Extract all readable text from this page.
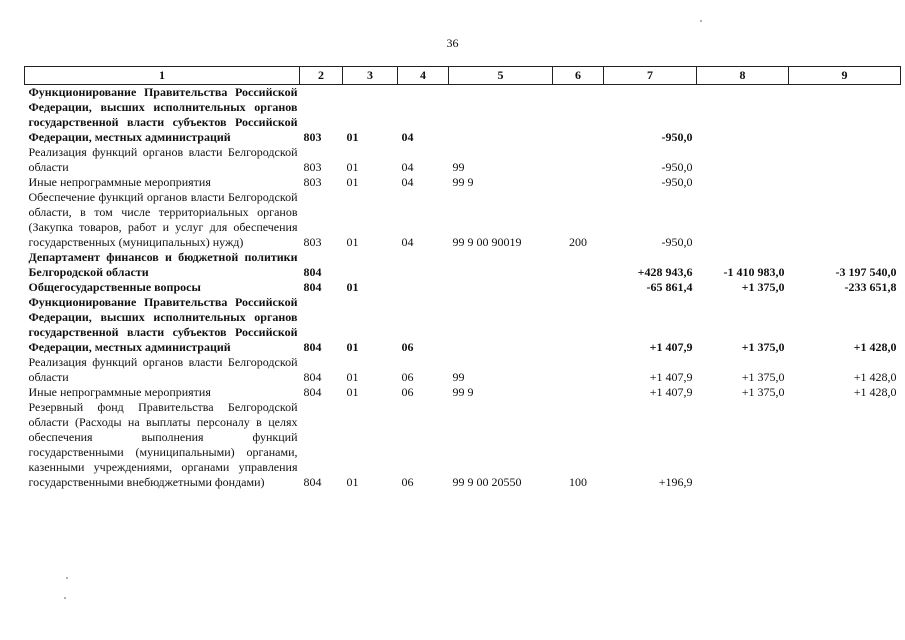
36
1	2	3	4	5	6	7	8	9
Функционирование Правительства Российской Федерации, высших исполнительных органов государственной власти субъектов Российской Федерации, местных администраций	803	01	04			-950,0		
Реализация функций органов власти Белгородской области	803	01	04	99		-950,0		
Иные непрограммные мероприятия	803	01	04	99 9		-950,0		
Обеспечение функций органов власти Белгородской области, в том числе территориальных органов (Закупка товаров, работ и услуг для обеспечения государственных (муниципальных) нужд)	803	01	04	99 9 00 90019	200	-950,0		
Департамент финансов и бюджетной политики Белгородской области	804					+428 943,6	-1 410 983,0	-3 197 540,0
Общегосударственные вопросы	804	01				-65 861,4	+1 375,0	-233 651,8
Функционирование Правительства Российской Федерации, высших исполнительных органов государственной власти субъектов Российской Федерации, местных администраций	804	01	06			+1 407,9	+1 375,0	+1 428,0
Реализация функций органов власти Белгородской области	804	01	06	99		+1 407,9	+1 375,0	+1 428,0
Иные непрограммные мероприятия	804	01	06	99 9		+1 407,9	+1 375,0	+1 428,0
Резервный фонд Правительства Белгородской области (Расходы на выплаты персоналу в целях обеспечения выполнения функций государственными (муниципальными) органами, казенными учреждениями, органами управления государственными внебюджетными фондами)	804	01	06	99 9 00 20550	100	+196,9		
